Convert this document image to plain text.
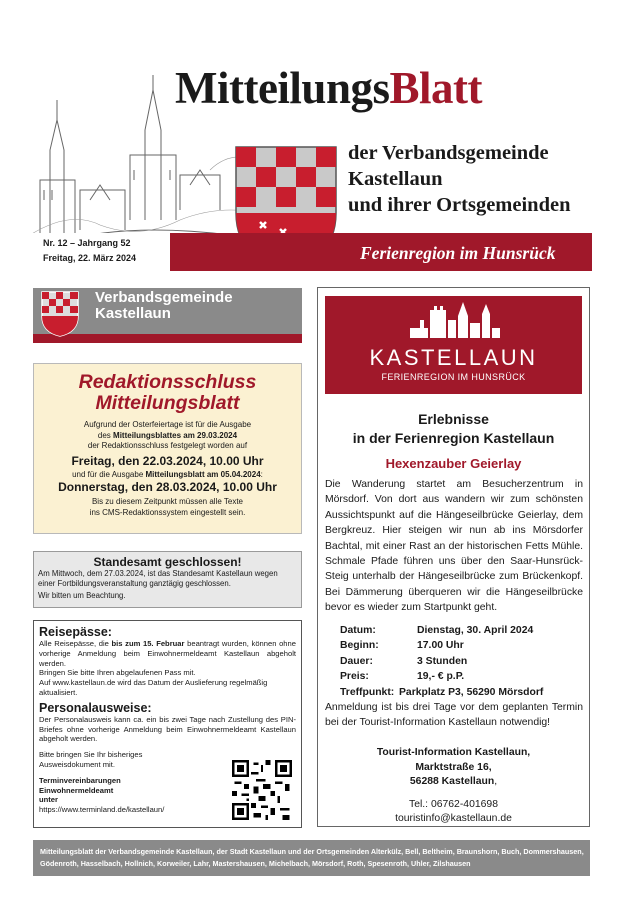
MitteilungsBlatt
der Verbandsgemeinde
Kastellaun
und ihrer Ortsgemeinden
Nr. 12 – Jahrgang 52
Freitag, 22. März 2024	Ferienregion im Hunsrück
Verbandsgemeinde
Kastellaun
Redaktionsschluss
Mitteilungsblatt
Aufgrund der Osterfeiertage ist für die Ausgabe
des Mitteilungsblattes am 29.03.2024
der Redaktionsschluss festgelegt worden auf
Freitag, den 22.03.2024, 10.00 Uhr
und für die Ausgabe Mitteilungsblatt am 05.04.2024:
Donnerstag, den 28.03.2024, 10.00 Uhr
Bis zu diesem Zeitpunkt müssen alle Texte
ins CMS-Redaktionssystem eingestellt sein.
Standesamt geschlossen!

Am Mittwoch, dem 27.03.2024, ist das Standesamt Kastellaun wegen einer Fortbildungsveranstaltung ganztägig geschlossen.

Wir bitten um Beachtung.

Reisepässe:

Alle Reisepässe, die bis zum 15. Februar beantragt wurden, können ohne vorherige Anmeldung beim Einwohnermeldeamt Kastellaun abgeholt werden.

Bringen Sie bitte Ihren abgelaufenen Pass mit.

Auf www.kastellaun.de wird das Datum der Auslieferung regelmäßig aktualisiert.

Personalausweise:

Der Personalausweis kann ca. ein bis zwei Tage nach Zustellung des PIN-Briefes ohne vorherige Anmeldung beim Einwohnermeldeamt Kastellaun abgeholt werden.

Bitte bringen Sie Ihr bisheriges
Ausweisdokument mit.

Terminvereinbarungen
Einwohnermeldeamt
unter

https://www.terminland.de/kastellaun/

KASTELLAUN
FERIENREGION IM HUNSRÜCK
Erlebnisse
in der Ferienregion Kastellaun
Hexenzauber Geierlay
Die Wanderung startet am Besucherzentrum in Mörsdorf. Von dort aus wandern wir zum schönsten Aussichtspunkt auf die Hängeseilbrücke Geierlay, dem Bergkreuz. Hier steigen wir nun ab ins Mörsdorfer Bachtal, mit einer Rast an der historischen Fetts Mühle. Schmale Pfade führen uns über den Saar-Hunsrück-Steig unterhalb der Hängeseilbrücke zum Brückenkopf. Bei Dämmerung überqueren wir die Hängeseilbrücke bevor es wieder zum Startpunkt geht.
Datum:	Dienstag, 30. April 2024
Beginn:	17.00 Uhr
Dauer:	3 Stunden
Preis:	19,- € p.P.
Treffpunkt:	Parkplatz P3, 56290 Mörsdorf
Anmeldung ist bis drei Tage vor dem geplanten Termin bei der Tourist-Information Kastellaun notwendig!
Tourist-Information Kastellaun,
Marktstraße 16,
56288 Kastellaun,
Tel.: 06762-401698
touristinfo@kastellaun.de
Mitteilungsblatt der Verbandsgemeinde Kastellaun, der Stadt Kastellaun und der Ortsgemeinden Alterkülz, Bell, Beltheim, Braunshorn, Buch, Dommershausen, Gödenroth, Hasselbach, Hollnich, Korweiler, Lahr, Mastershausen, Michelbach, Mörsdorf, Roth, Spesenroth, Uhler, Zilshausen
